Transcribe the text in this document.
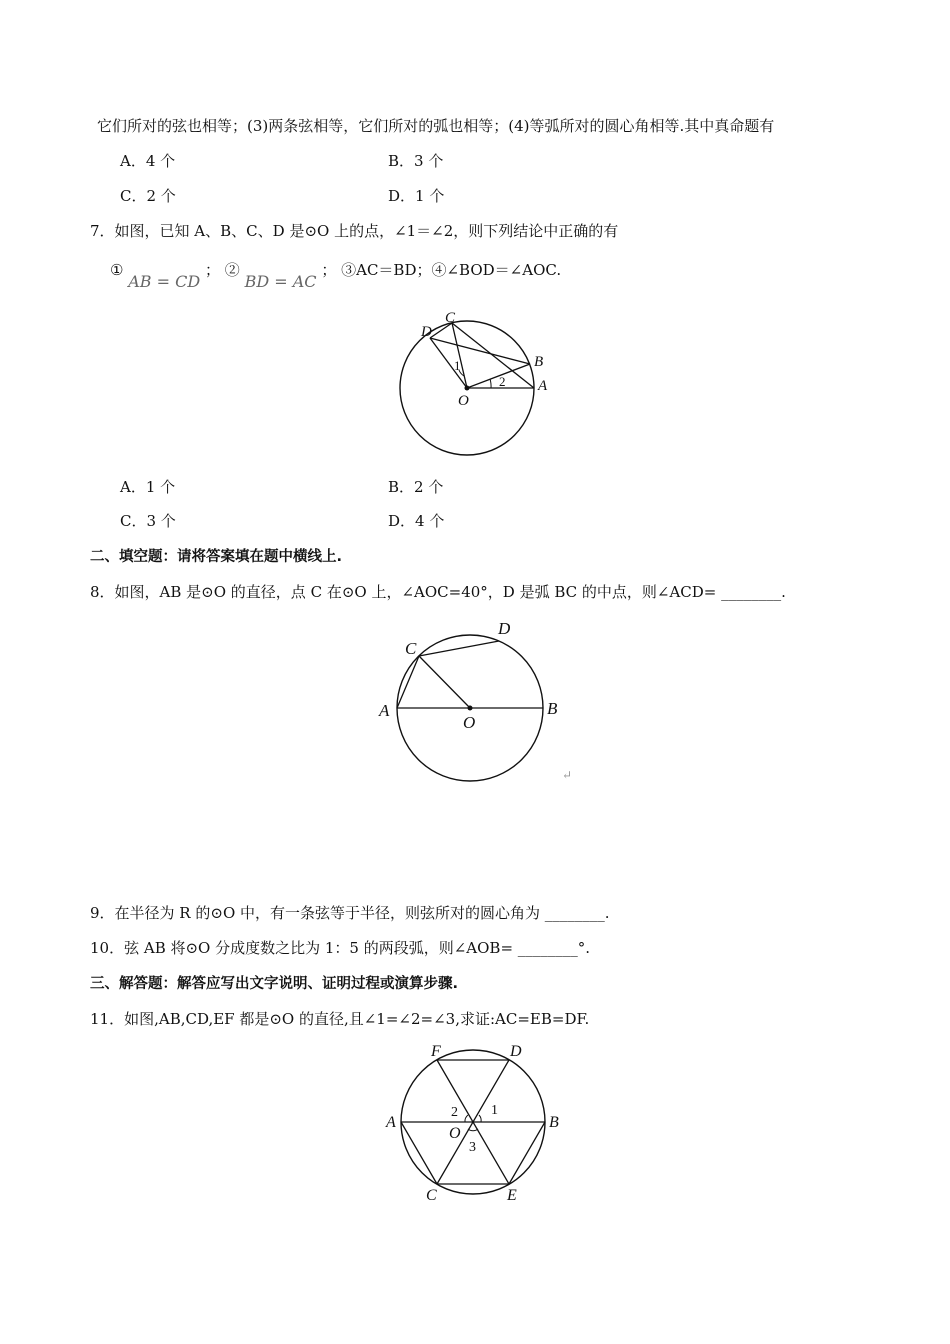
它们所对的弦也相等；(3)两条弦相等，它们所对的弧也相等；(4)等弧所对的圆心角相等.其中真命题有
A．4 个	B．3 个
C．2 个	D．1 个
7．如图，已知 A、B、C、D 是⊙O 上的点，∠1＝∠2，则下列结论中正确的有
① AB = CD ； ② BD = AC ； ③AC＝BD；④∠BOD＝∠AOC.
D
C
B
A
O
1
2
A．1 个	B．2 个
C．3 个	D．4 个
二、填空题：请将答案填在题中横线上.
8．如图，AB 是⊙O 的直径，点 C 在⊙O 上，∠AOC=40°，D 是弧 BC 的中点，则∠ACD= ________.
A	B
C
D
O
↵
9．在半径为 R 的⊙O 中，有一条弦等于半径，则弦所对的圆心角为 ________.
10．弦 AB 将⊙O 分成度数之比为 1：5 的两段弧，则∠AOB= ________°.
三、解答题：解答应写出文字说明、证明过程或演算步骤.
11．如图,AB,CD,EF 都是⊙O 的直径,且∠1=∠2=∠3,求证:AC=EB=DF.
F	D
A	B
O
C	E
1
2
3
